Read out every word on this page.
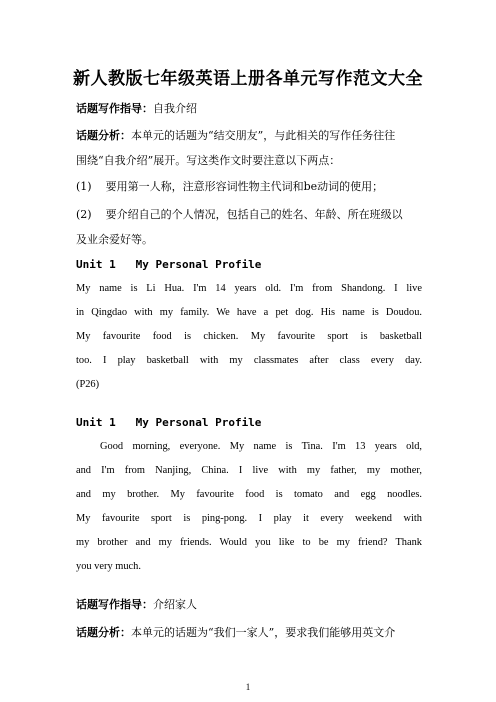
新人教版七年级英语上册各单元写作范文大全
话题写作指导：自我介绍
话题分析：本单元的话题为“结交朋友”，与此相关的写作任务往往
围绕“自我介绍”展开。写这类作文时要注意以下两点：
(1) 要用第一人称，注意形容词性物主代词和be动词的使用；
(2) 要介绍自己的个人情况，包括自己的姓名、年龄、所在班级以
及业余爱好等。
Unit 1   My Personal Profile
My name is Li Hua. I'm 14 years old. I'm from Shandong. I live
in Qingdao with my family. We have a pet dog. His name is Doudou.
My favourite food is chicken. My favourite sport is basketball
too. I play basketball with my classmates after class every day.
(P26)
Unit 1   My Personal Profile
Good morning, everyone. My name is Tina. I'm 13 years old,
and I'm from Nanjing, China. I live with my father, my mother,
and my brother. My favourite food is tomato and egg noodles.
My favourite sport is ping-pong. I play it every weekend with
my brother and my friends. Would you like to be my friend? Thank
you very much.
话题写作指导：介绍家人
话题分析：本单元的话题为“我们一家人”，要求我们能够用英文介
1
